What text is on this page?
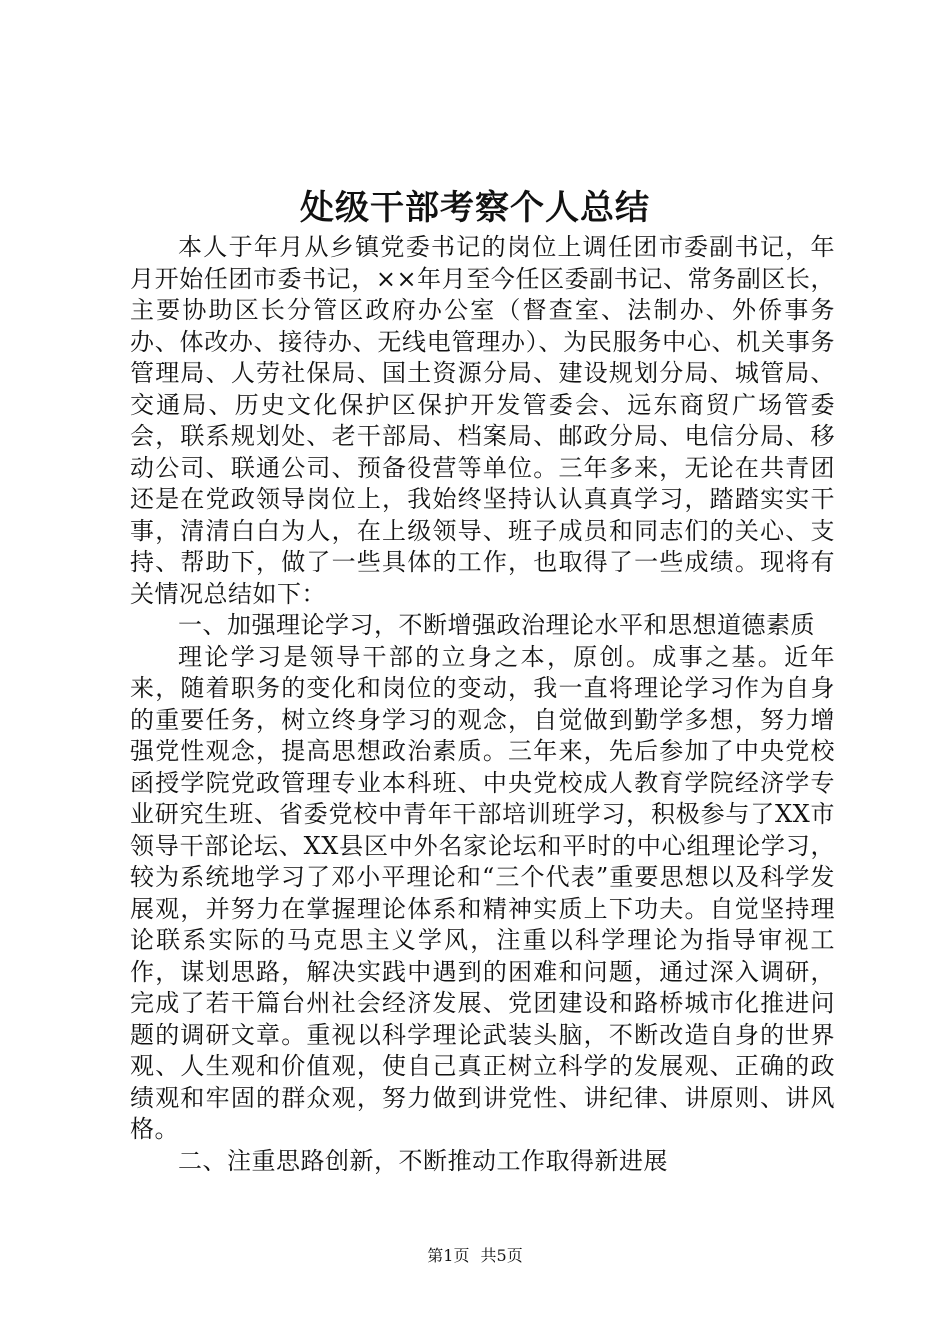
处级干部考察个人总结

本人于年月从乡镇党委书记的岗位上调任团市委副书记，年月开始任团市委书记，××年月至今任区委副书记、常务副区长，主要协助区长分管区政府办公室（督查室、法制办、外侨事务办、体改办、接待办、无线电管理办）、为民服务中心、机关事务管理局、人劳社保局、国土资源分局、建设规划分局、城管局、交通局、历史文化保护区保护开发管委会、远东商贸广场管委会，联系规划处、老干部局、档案局、邮政分局、电信分局、移动公司、联通公司、预备役营等单位。三年多来，无论在共青团还是在党政领导岗位上，我始终坚持认认真真学习，踏踏实实干事，清清白白为人，在上级领导、班子成员和同志们的关心、支持、帮助下，做了一些具体的工作，也取得了一些成绩。现将有关情况总结如下：

一、加强理论学习，不断增强政治理论水平和思想道德素质

理论学习是领导干部的立身之本，原创。成事之基。近年来，随着职务的变化和岗位的变动，我一直将理论学习作为自身的重要任务，树立终身学习的观念，自觉做到勤学多想，努力增强党性观念，提高思想政治素质。三年来，先后参加了中央党校函授学院党政管理专业本科班、中央党校成人教育学院经济学专业研究生班、省委党校中青年干部培训班学习，积极参与了XX市领导干部论坛、XX县区中外名家论坛和平时的中心组理论学习，较为系统地学习了邓小平理论和“三个代表”重要思想以及科学发展观，并努力在掌握理论体系和精神实质上下功夫。自觉坚持理论联系实际的马克思主义学风，注重以科学理论为指导审视工作，谋划思路，解决实践中遇到的困难和问题，通过深入调研，完成了若干篇台州社会经济发展、党团建设和路桥城市化推进问题的调研文章。重视以科学理论武装头脑，不断改造自身的世界观、人生观和价值观，使自己真正树立科学的发展观、正确的政绩观和牢固的群众观，努力做到讲党性、讲纪律、讲原则、讲风格。

二、注重思路创新，不断推动工作取得新进展

第1页 共5页
